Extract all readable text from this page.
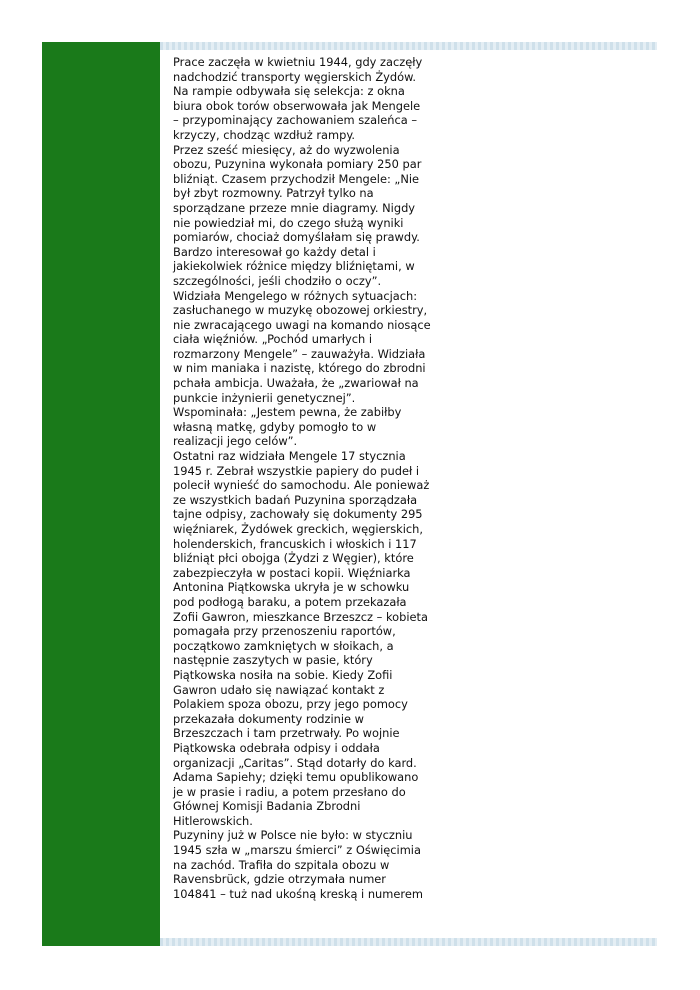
Prace zaczęła w kwietniu 1944, gdy zaczęły
nadchodzić transporty węgierskich Żydów.
Na rampie odbywała się selekcja: z okna
biura obok torów obserwowała jak Mengele
– przypominający zachowaniem szaleńca –
krzyczy, chodząc wzdłuż rampy.
Przez sześć miesięcy, aż do wyzwolenia
obozu, Puzynina wykonała pomiary 250 par
bliźniąt. Czasem przychodził Mengele: „Nie
był zbyt rozmowny. Patrzył tylko na
sporządzane przeze mnie diagramy. Nigdy
nie powiedział mi, do czego służą wyniki
pomiarów, chociaż domyślałam się prawdy.
Bardzo interesował go każdy detal i
jakiekolwiek różnice między bliźniętami, w
szczególności, jeśli chodziło o oczy”.
Widziała Mengelego w różnych sytuacjach:
zasłuchanego w muzykę obozowej orkiestry,
nie zwracającego uwagi na komando niosące
ciała więźniów. „Pochód umarłych i
rozmarzony Mengele” – zauważyła. Widziała
w nim maniaka i nazistę, którego do zbrodni
pchała ambicja. Uważała, że „zwariował na
punkcie inżynierii genetycznej”.
Wspominała: „Jestem pewna, że zabiłby
własną matkę, gdyby pomogło to w
realizacji jego celów”.
Ostatni raz widziała Mengele 17 stycznia
1945 r. Zebrał wszystkie papiery do pudeł i
polecił wynieść do samochodu. Ale ponieważ
ze wszystkich badań Puzynina sporządzała
tajne odpisy, zachowały się dokumenty 295
więźniarek, Żydówek greckich, węgierskich,
holenderskich, francuskich i włoskich i 117
bliźniąt płci obojga (Żydzi z Węgier), które
zabezpieczyła w postaci kopii. Więźniarka
Antonina Piątkowska ukryła je w schowku
pod podłogą baraku, a potem przekazała
Zofii Gawron, mieszkance Brzeszcz – kobieta
pomagała przy przenoszeniu raportów,
początkowo zamkniętych w słoikach, a
następnie zaszytych w pasie, który
Piątkowska nosiła na sobie. Kiedy Zofii
Gawron udało się nawiązać kontakt z
Polakiem spoza obozu, przy jego pomocy
przekazała dokumenty rodzinie w
Brzeszczach i tam przetrwały. Po wojnie
Piątkowska odebrała odpisy i oddała
organizacji „Caritas”. Stąd dotarły do kard.
Adama Sapiehy; dzięki temu opublikowano
je w prasie i radiu, a potem przesłano do
Głównej Komisji Badania Zbrodni
Hitlerowskich.
Puzyniny już w Polsce nie było: w styczniu
1945 szła w „marszu śmierci” z Oświęcimia
na zachód. Trafiła do szpitala obozu w
Ravensbrück, gdzie otrzymała numer
104841 – tuż nad ukośną kreską i numerem
